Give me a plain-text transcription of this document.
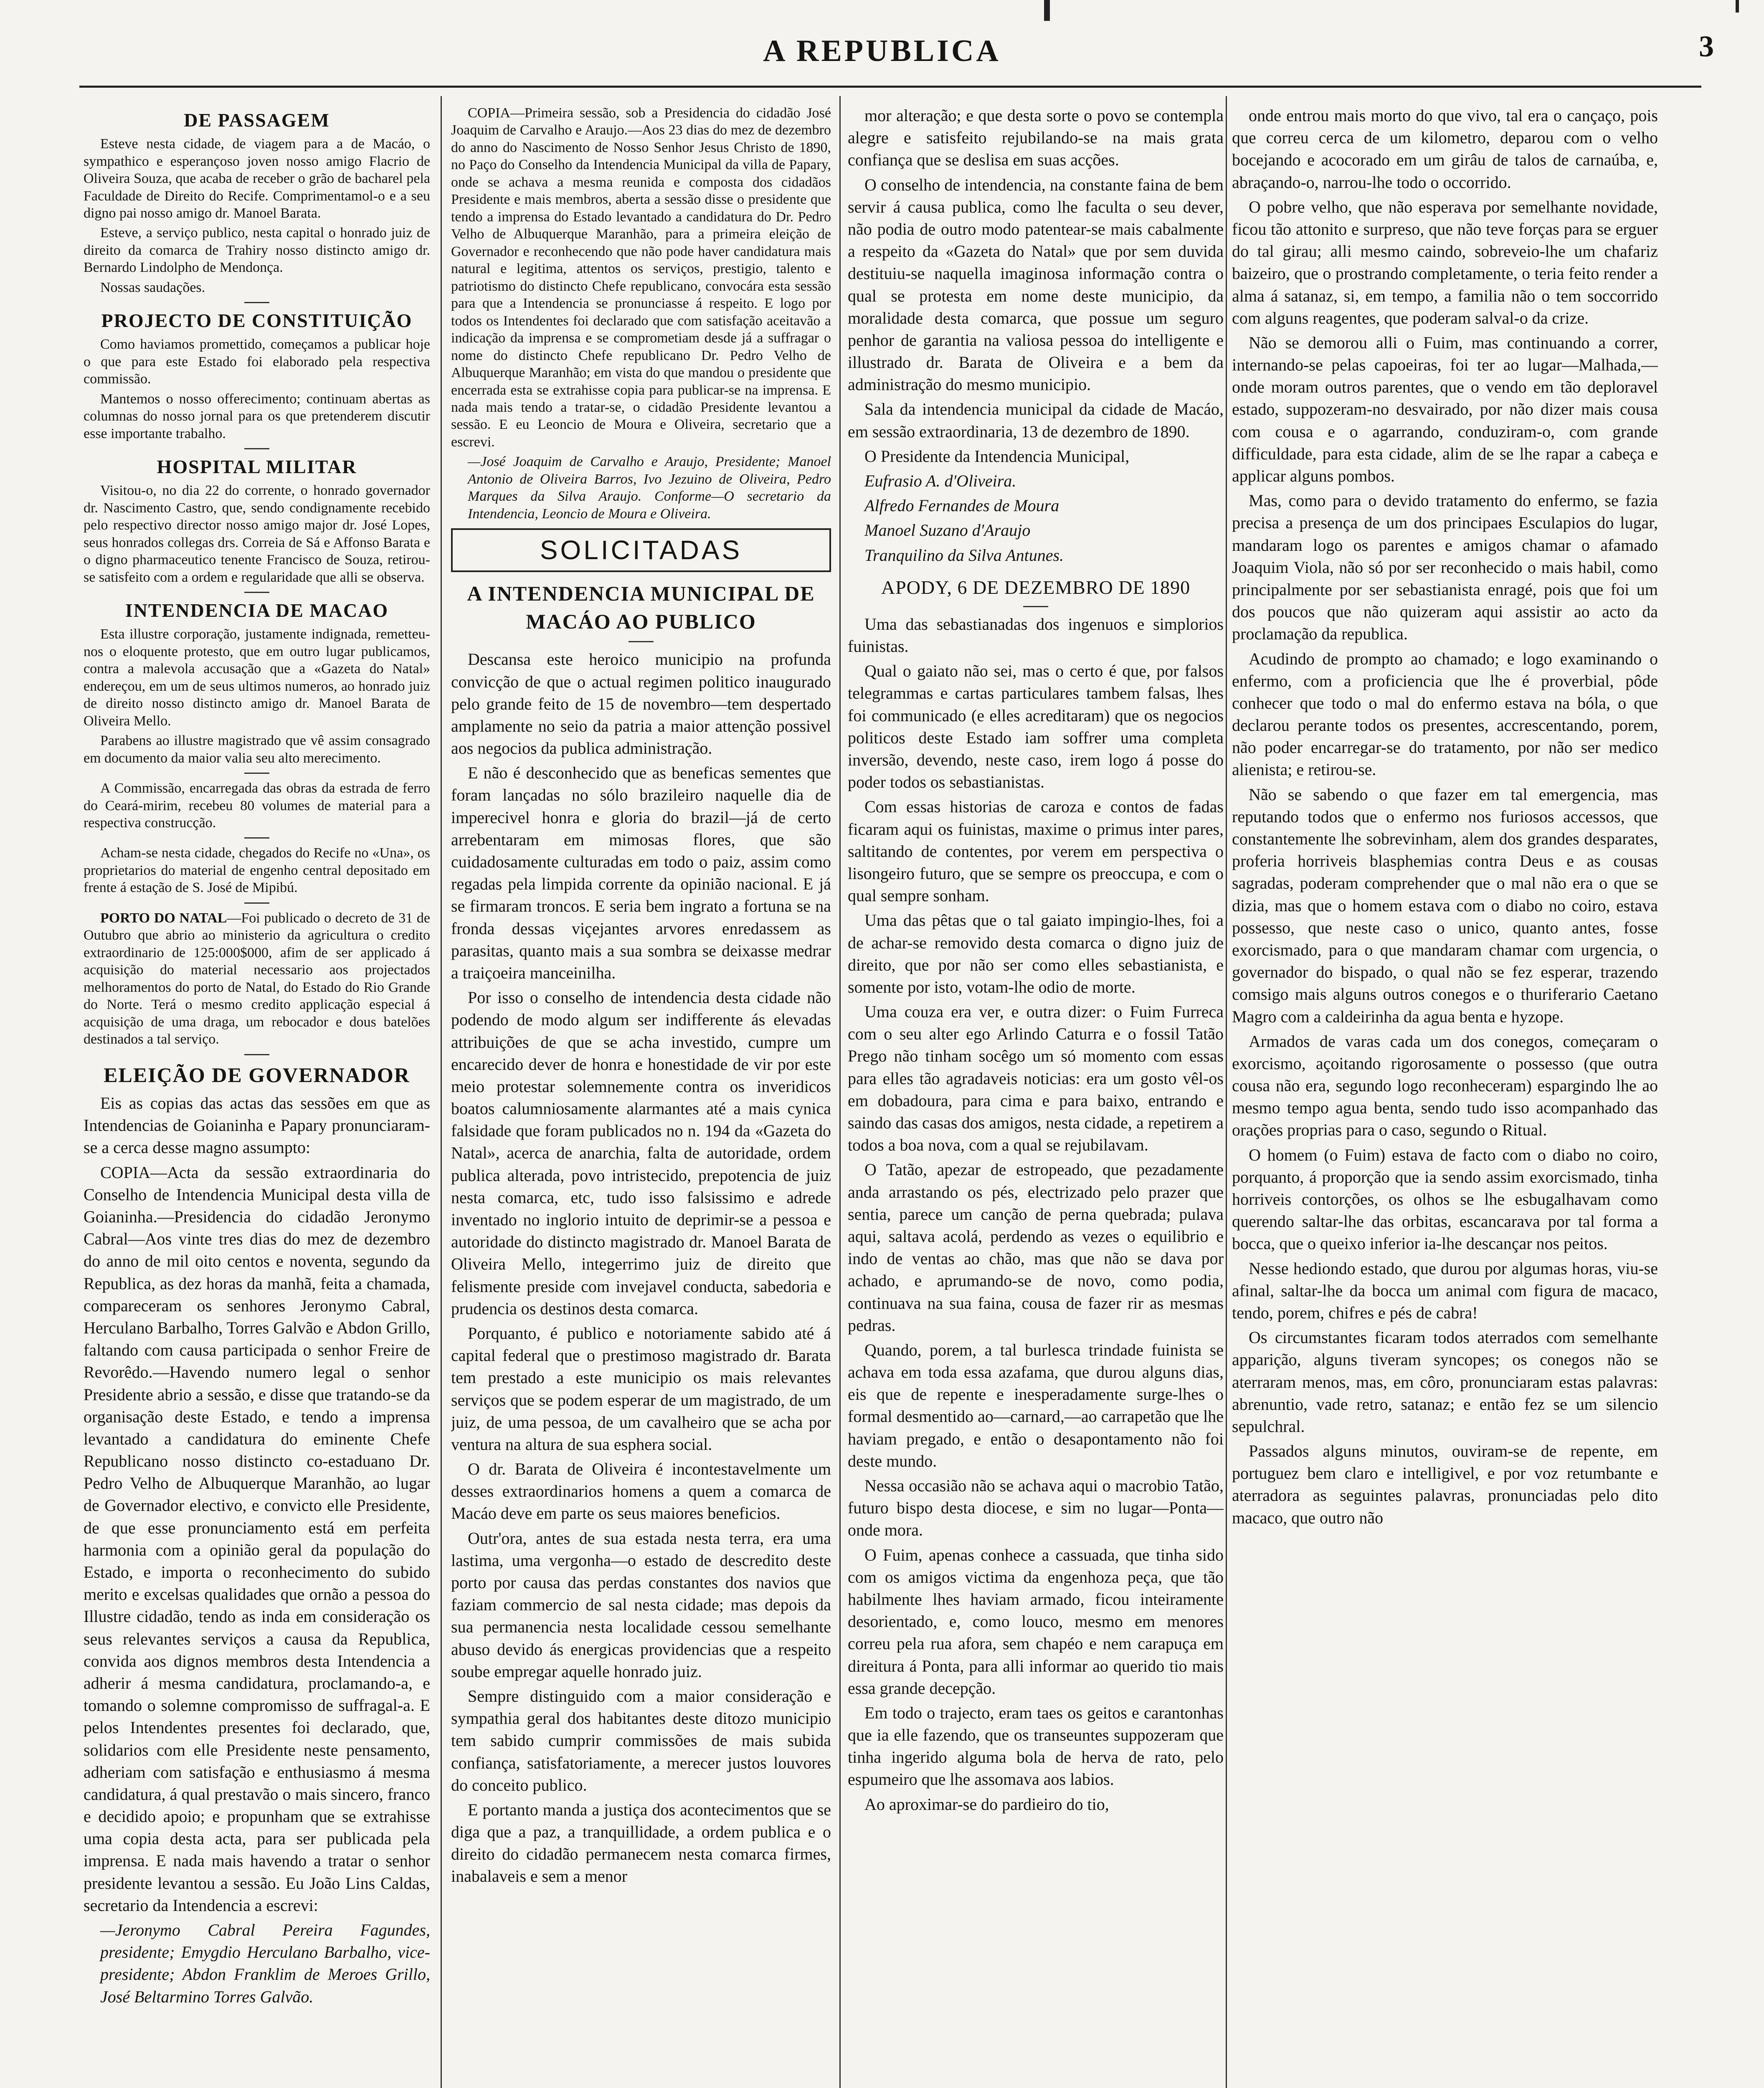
A REPUBLICA	3
DE PASSAGEM

Esteve nesta cidade, de viagem para a de Macáo, o sympathico e esperançoso joven nosso amigo Flacrio de Oliveira Souza, que acaba de receber o grão de bacharel pela Faculdade de Direito do Recife. Comprimentamol-o e a seu digno pai nosso amigo dr. Manoel Barata.

Esteve, a serviço publico, nesta capital o honrado juiz de direito da comarca de Trahiry nosso distincto amigo dr. Bernardo Lindolpho de Mendonça.

Nossas saudações.

PROJECTO DE CONSTITUIÇÃO

Como haviamos promettido, começamos a publicar hoje o que para este Estado foi elaborado pela respectiva commissão.

Mantemos o nosso offerecimento; continuam abertas as columnas do nosso jornal para os que pretenderem discutir esse importante trabalho.

HOSPITAL MILITAR

Visitou-o, no dia 22 do corrente, o honrado governador dr. Nascimento Castro, que, sendo condignamente recebido pelo respectivo director nosso amigo major dr. José Lopes, seus honrados collegas drs. Correia de Sá e Affonso Barata e o digno pharmaceutico tenente Francisco de Souza, retirou-se satisfeito com a ordem e regularidade que alli se observa.

INTENDENCIA DE MACAO

Esta illustre corporação, justamente indignada, remetteu-nos o eloquente protesto, que em outro lugar publicamos, contra a malevola accusação que a «Gazeta do Natal» endereçou, em um de seus ultimos numeros, ao honrado juiz de direito nosso distincto amigo dr. Manoel Barata de Oliveira Mello.

Parabens ao illustre magistrado que vê assim consagrado em documento da maior valia seu alto merecimento.

A Commissão, encarregada das obras da estrada de ferro do Ceará-mirim, recebeu 80 volumes de material para a respectiva construcção.

Acham-se nesta cidade, chegados do Recife no «Una», os proprietarios do material de engenho central depositado em frente á estação de S. José de Mipibú.

PORTO DO NATAL—Foi publicado o decreto de 31 de Outubro que abrio ao ministerio da agricultura o credito extraordinario de 125:000$000, afim de ser applicado á acquisição do material necessario aos projectados melhoramentos do porto de Natal, do Estado do Rio Grande do Norte. Terá o mesmo credito applicação especial á acquisição de uma draga, um rebocador e dous batelões destinados a tal serviço.

ELEIÇÃO DE GOVERNADOR

Eis as copias das actas das sessões em que as Intendencias de Goianinha e Papary pronunciaram-se a cerca desse magno assumpto:

COPIA—Acta da sessão extraordinaria do Conselho de Intendencia Municipal desta villa de Goianinha.—Presidencia do cidadão Jeronymo Cabral—Aos vinte tres dias do mez de dezembro do anno de mil oito centos e noventa, segundo da Republica, as dez horas da manhã, feita a chamada, compareceram os senhores Jeronymo Cabral, Herculano Barbalho, Torres Galvão e Abdon Grillo, faltando com causa participada o senhor Freire de Revorêdo.—Havendo numero legal o senhor Presidente abrio a sessão, e disse que tratando-se da organisação deste Estado, e tendo a imprensa levantado a candidatura do eminente Chefe Republicano nosso distincto co-estaduano Dr. Pedro Velho de Albuquerque Maranhão, ao lugar de Governador electivo, e convicto elle Presidente, de que esse pronunciamento está em perfeita harmonia com a opinião geral da população do Estado, e importa o reconhecimento do subido merito e excelsas qualidades que ornão a pessoa do Illustre cidadão, tendo as inda em consideração os seus relevantes serviços a causa da Republica, convida aos dignos membros desta Intendencia a adherir á mesma candidatura, proclamando-a, e tomando o solemne compromisso de suffragal-a. E pelos Intendentes presentes foi declarado, que, solidarios com elle Presidente neste pensamento, adheriam com satisfação e enthusiasmo á mesma candidatura, á qual prestavão o mais sincero, franco e decidido apoio; e propunham que se extrahisse uma copia desta acta, para ser publicada pela imprensa. E nada mais havendo a tratar o senhor presidente levantou a sessão. Eu João Lins Caldas, secretario da Intendencia a escrevi:

—Jeronymo Cabral Pereira Fagundes, presidente; Emygdio Herculano Barbalho, vice-presidente; Abdon Franklim de Meroes Grillo, José Beltarmino Torres Galvão.

COPIA—Primeira sessão, sob a Presidencia do cidadão José Joaquim de Carvalho e Araujo.—Aos 23 dias do mez de dezembro do anno do Nascimento de Nosso Senhor Jesus Christo de 1890, no Paço do Conselho da Intendencia Municipal da villa de Papary, onde se achava a mesma reunida e composta dos cidadãos Presidente e mais membros, aberta a sessão disse o presidente que tendo a imprensa do Estado levantado a candidatura do Dr. Pedro Velho de Albuquerque Maranhão, para a primeira eleição de Governador e reconhecendo que não pode haver candidatura mais natural e legitima, attentos os serviços, prestigio, talento e patriotismo do distincto Chefe republicano, convocára esta sessão para que a Intendencia se pronunciasse á respeito. E logo por todos os Intendentes foi declarado que com satisfação aceitavão a indicação da imprensa e se comprometiam desde já a suffragar o nome do distincto Chefe republicano Dr. Pedro Velho de Albuquerque Maranhão; em vista do que mandou o presidente que encerrada esta se extrahisse copia para publicar-se na imprensa. E nada mais tendo a tratar-se, o cidadão Presidente levantou a sessão. E eu Leoncio de Moura e Oliveira, secretario que a escrevi.

—José Joaquim de Carvalho e Araujo, Presidente; Manoel Antonio de Oliveira Barros, Ivo Jezuino de Oliveira, Pedro Marques da Silva Araujo. Conforme—O secretario da Intendencia, Leoncio de Moura e Oliveira.

SOLICITADAS
A INTENDENCIA MUNICIPAL DE MACÁO AO PUBLICO

Descansa este heroico municipio na profunda convicção de que o actual regimen politico inaugurado pelo grande feito de 15 de novembro—tem despertado amplamente no seio da patria a maior attenção possivel aos negocios da publica administração.

E não é desconhecido que as beneficas sementes que foram lançadas no sólo brazileiro naquelle dia de imperecivel honra e gloria do brazil—já de certo arrebentaram em mimosas flores, que são cuidadosamente culturadas em todo o paiz, assim como regadas pela limpida corrente da opinião nacional. E já se firmaram troncos. E seria bem ingrato a fortuna se na fronda dessas viçejantes arvores enredassem as parasitas, quanto mais a sua sombra se deixasse medrar a traiçoeira manceinilha.

Por isso o conselho de intendencia desta cidade não podendo de modo algum ser indifferente ás elevadas attribuições de que se acha investido, cumpre um encarecido dever de honra e honestidade de vir por este meio protestar solemnemente contra os inveridicos boatos calumniosamente alarmantes até a mais cynica falsidade que foram publicados no n. 194 da «Gazeta do Natal», acerca de anarchia, falta de autoridade, ordem publica alterada, povo intristecido, prepotencia de juiz nesta comarca, etc, tudo isso falsissimo e adrede inventado no inglorio intuito de deprimir-se a pessoa e autoridade do distincto magistrado dr. Manoel Barata de Oliveira Mello, integerrimo juiz de direito que felismente preside com invejavel conducta, sabedoria e prudencia os destinos desta comarca.

Porquanto, é publico e notoriamente sabido até á capital federal que o prestimoso magistrado dr. Barata tem prestado a este municipio os mais relevantes serviços que se podem esperar de um magistrado, de um juiz, de uma pessoa, de um cavalheiro que se acha por ventura na altura de sua esphera social.

O dr. Barata de Oliveira é incontestavelmente um desses extraordinarios homens a quem a comarca de Macáo deve em parte os seus maiores beneficios.

Outr'ora, antes de sua estada nesta terra, era uma lastima, uma vergonha—o estado de descredito deste porto por causa das perdas constantes dos navios que faziam commercio de sal nesta cidade; mas depois da sua permanencia nesta localidade cessou semelhante abuso devido ás energicas providencias que a respeito soube empregar aquelle honrado juiz.

Sempre distinguido com a maior consideração e sympathia geral dos habitantes deste ditozo municipio tem sabido cumprir commissões de mais subida confiança, satisfatoriamente, a merecer justos louvores do conceito publico.

E portanto manda a justiça dos acontecimentos que se diga que a paz, a tranquillidade, a ordem publica e o direito do cidadão permanecem nesta comarca firmes, inabalaveis e sem a menor

mor alteração; e que desta sorte o povo se contempla alegre e satisfeito rejubilando-se na mais grata confiança que se deslisa em suas acções.

O conselho de intendencia, na constante faina de bem servir á causa publica, como lhe faculta o seu dever, não podia de outro modo patentear-se mais cabalmente a respeito da «Gazeta do Natal» que por sem duvida destituiu-se naquella imaginosa informação contra o qual se protesta em nome deste municipio, da moralidade desta comarca, que possue um seguro penhor de garantia na valiosa pessoa do intelligente e illustrado dr. Barata de Oliveira e a bem da administração do mesmo municipio.

Sala da intendencia municipal da cidade de Macáo, em sessão extraordinaria, 13 de dezembro de 1890.

O Presidente da Intendencia Municipal,

Eufrasio A. d'Oliveira.

Alfredo Fernandes de Moura

Manoel Suzano d'Araujo

Tranquilino da Silva Antunes.

APODY, 6 DE DEZEMBRO DE 1890

Uma das sebastianadas dos ingenuos e simplorios fuinistas.

Qual o gaiato não sei, mas o certo é que, por falsos telegrammas e cartas particulares tambem falsas, lhes foi communicado (e elles acreditaram) que os negocios politicos deste Estado iam soffrer uma completa inversão, devendo, neste caso, irem logo á posse do poder todos os sebastianistas.

Com essas historias de caroza e contos de fadas ficaram aqui os fuinistas, maxime o primus inter pares, saltitando de contentes, por verem em perspectiva o lisongeiro futuro, que se sempre os preoccupa, e com o qual sempre sonham.

Uma das pêtas que o tal gaiato impingio-lhes, foi a de achar-se removido desta comarca o digno juiz de direito, que por não ser como elles sebastianista, e somente por isto, votam-lhe odio de morte.

Uma couza era ver, e outra dizer: o Fuim Furreca com o seu alter ego Arlindo Caturra e o fossil Tatão Prego não tinham socêgo um só momento com essas para elles tão agradaveis noticias: era um gosto vêl-os em dobadoura, para cima e para baixo, entrando e saindo das casas dos amigos, nesta cidade, a repetirem a todos a boa nova, com a qual se rejubilavam.

O Tatão, apezar de estropeado, que pezadamente anda arrastando os pés, electrizado pelo prazer que sentia, parece um canção de perna quebrada; pulava aqui, saltava acolá, perdendo as vezes o equilibrio e indo de ventas ao chão, mas que não se dava por achado, e aprumando-se de novo, como podia, continuava na sua faina, cousa de fazer rir as mesmas pedras.

Quando, porem, a tal burlesca trindade fuinista se achava em toda essa azafama, que durou alguns dias, eis que de repente e inesperadamente surge-lhes o formal desmentido ao—carnard,—ao carrapetão que lhe haviam pregado, e então o desapontamento não foi deste mundo.

Nessa occasião não se achava aqui o macrobio Tatão, futuro bispo desta diocese, e sim no lugar—Ponta—onde mora.

O Fuim, apenas conhece a cassuada, que tinha sido com os amigos victima da engenhoza peça, que tão habilmente lhes haviam armado, ficou inteiramente desorientado, e, como louco, mesmo em menores correu pela rua afora, sem chapéo e nem carapuça em direitura á Ponta, para alli informar ao querido tio mais essa grande decepção.

Em todo o trajecto, eram taes os geitos e carantonhas que ia elle fazendo, que os transeuntes suppozeram que tinha ingerido alguma bola de herva de rato, pelo espumeiro que lhe assomava aos labios.

Ao aproximar-se do pardieiro do tio,

onde entrou mais morto do que vivo, tal era o cançaço, pois que correu cerca de um kilometro, deparou com o velho bocejando e acocorado em um girâu de talos de carnaúba, e, abraçando-o, narrou-lhe todo o occorrido.

O pobre velho, que não esperava por semelhante novidade, ficou tão attonito e surpreso, que não teve forças para se erguer do tal girau; alli mesmo caindo, sobreveio-lhe um chafariz baizeiro, que o prostrando completamente, o teria feito render a alma á satanaz, si, em tempo, a familia não o tem soccorrido com alguns reagentes, que poderam salval-o da crize.

Não se demorou alli o Fuim, mas continuando a correr, internando-se pelas capoeiras, foi ter ao lugar—Malhada,—onde moram outros parentes, que o vendo em tão deploravel estado, suppozeram-no desvairado, por não dizer mais cousa com cousa e o agarrando, conduziram-o, com grande difficuldade, para esta cidade, alim de se lhe rapar a cabeça e applicar alguns pombos.

Mas, como para o devido tratamento do enfermo, se fazia precisa a presença de um dos principaes Esculapios do lugar, mandaram logo os parentes e amigos chamar o afamado Joaquim Viola, não só por ser reconhecido o mais habil, como principalmente por ser sebastianista enragé, pois que foi um dos poucos que não quizeram aqui assistir ao acto da proclamação da republica.

Acudindo de prompto ao chamado; e logo examinando o enfermo, com a proficiencia que lhe é proverbial, pôde conhecer que todo o mal do enfermo estava na bóla, o que declarou perante todos os presentes, accrescentando, porem, não poder encarregar-se do tratamento, por não ser medico alienista; e retirou-se.

Não se sabendo o que fazer em tal emergencia, mas reputando todos que o enfermo nos furiosos accessos, que constantemente lhe sobrevinham, alem dos grandes desparates, proferia horriveis blasphemias contra Deus e as cousas sagradas, poderam comprehender que o mal não era o que se dizia, mas que o homem estava com o diabo no coiro, estava possesso, que neste caso o unico, quanto antes, fosse exorcismado, para o que mandaram chamar com urgencia, o governador do bispado, o qual não se fez esperar, trazendo comsigo mais alguns outros conegos e o thuriferario Caetano Magro com a caldeirinha da agua benta e hyzope.

Armados de varas cada um dos conegos, começaram o exorcismo, açoitando rigorosamente o possesso (que outra cousa não era, segundo logo reconheceram) espargindo lhe ao mesmo tempo agua benta, sendo tudo isso acompanhado das orações proprias para o caso, segundo o Ritual.

O homem (o Fuim) estava de facto com o diabo no coiro, porquanto, á proporção que ia sendo assim exorcismado, tinha horriveis contorções, os olhos se lhe esbugalhavam como querendo saltar-lhe das orbitas, escancarava por tal forma a bocca, que o queixo inferior ia-lhe descançar nos peitos.

Nesse hediondo estado, que durou por algumas horas, viu-se afinal, saltar-lhe da bocca um animal com figura de macaco, tendo, porem, chifres e pés de cabra!

Os circumstantes ficaram todos aterrados com semelhante apparição, alguns tiveram syncopes; os conegos não se aterraram menos, mas, em côro, pronunciaram estas palavras: abrenuntio, vade retro, satanaz; e então fez se um silencio sepulchral.

Passados alguns minutos, ouviram-se de repente, em portuguez bem claro e intelligivel, e por voz retumbante e aterradora as seguintes palavras, pronunciadas pelo dito macaco, que outro não
